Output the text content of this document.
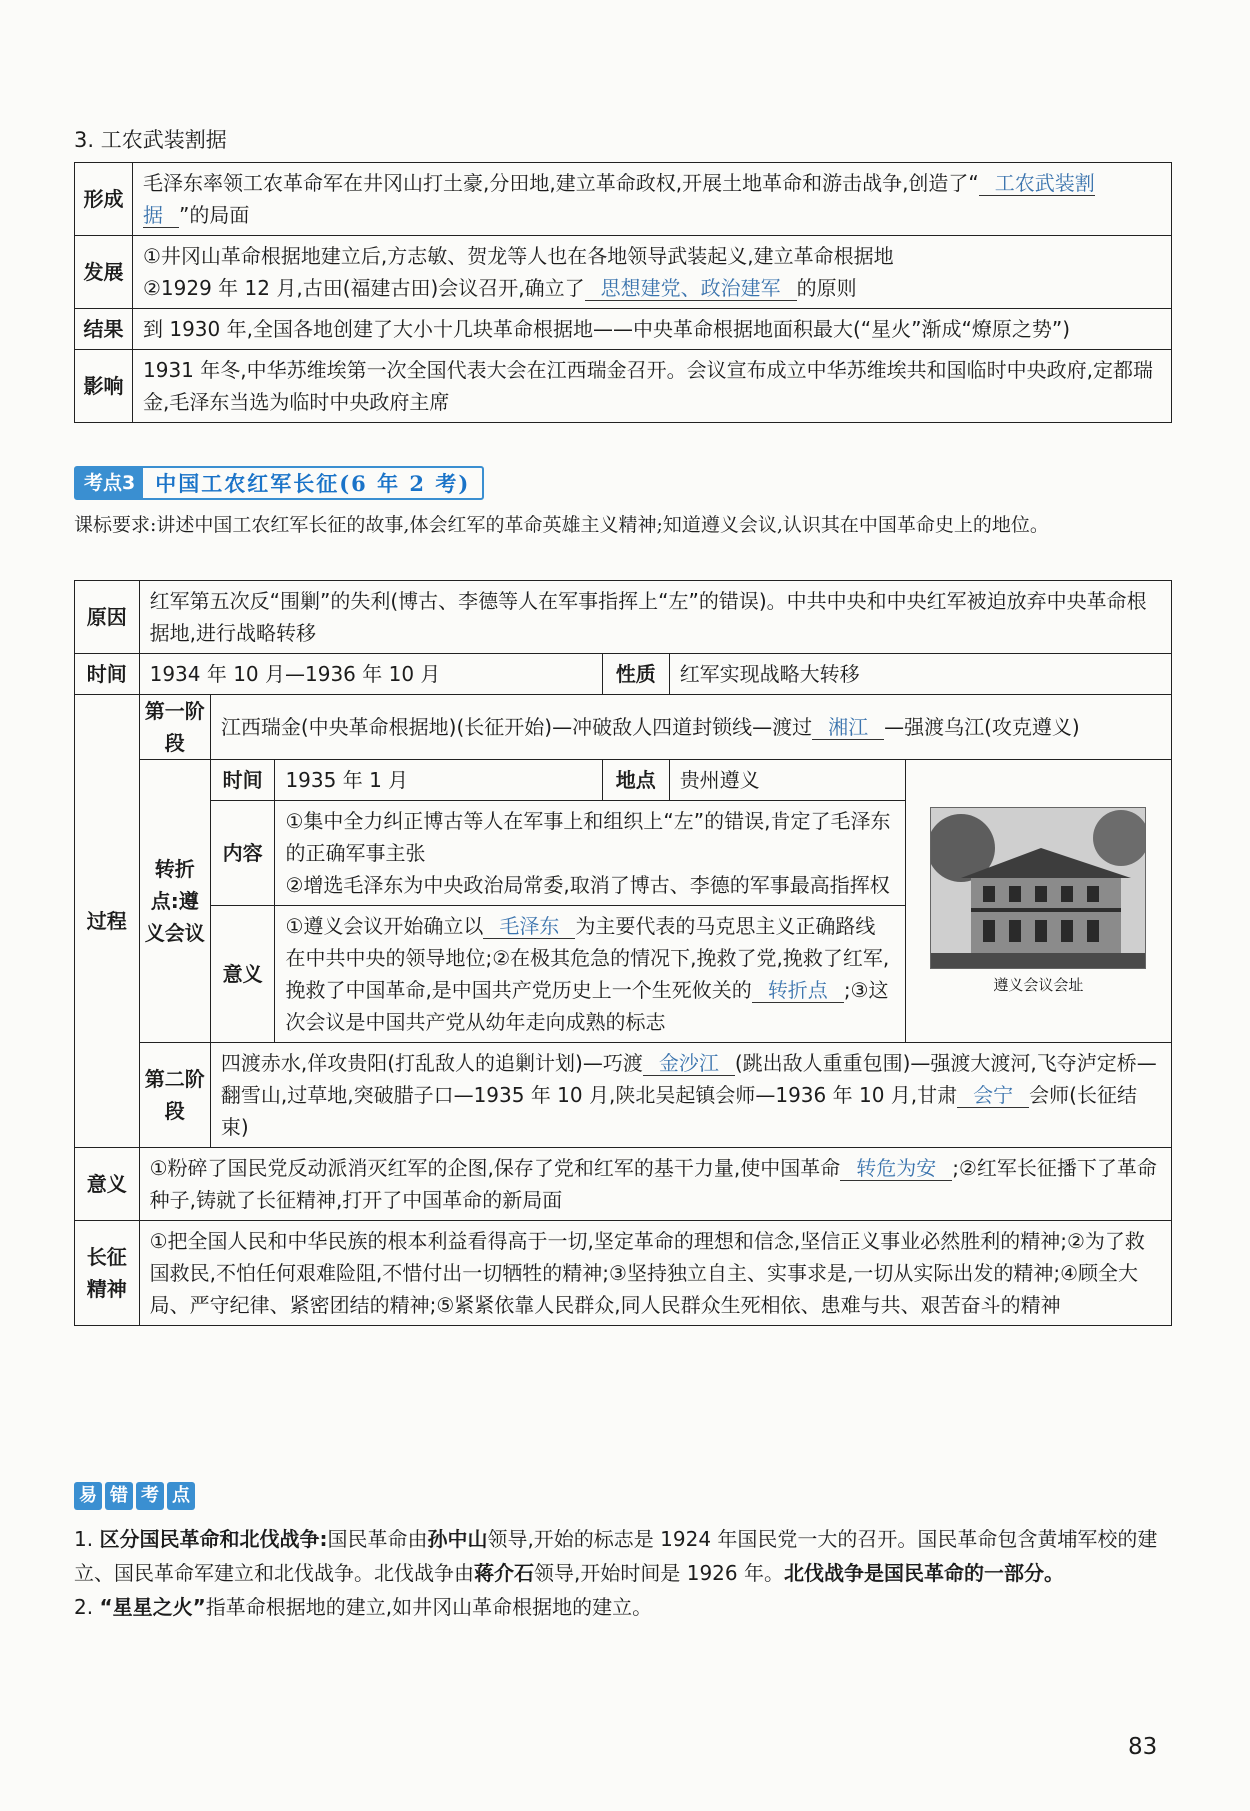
3. 工农武装割据
形成	毛泽东率领工农革命军在井冈山打土豪,分田地,建立革命政权,开展土地革命和游击战争,创造了“ 工农武装割据 ”的局面
发展	①井冈山革命根据地建立后,方志敏、贺龙等人也在各地领导武装起义,建立革命根据地
②1929 年 12 月,古田(福建古田)会议召开,确立了 思想建党、政治建军 的原则

结果	到 1930 年,全国各地创建了大小十几块革命根据地——中央革命根据地面积最大(“星火”渐成“燎原之势”)
影响	1931 年冬,中华苏维埃第一次全国代表大会在江西瑞金召开。会议宣布成立中华苏维埃共和国临时中央政府,定都瑞金,毛泽东当选为临时中央政府主席
考点3 中国工农红军长征(6 年 2 考)
课标要求:讲述中国工农红军长征的故事,体会红军的革命英雄主义精神;知道遵义会议,认识其在中国革命史上的地位。
原因	红军第五次反“围剿”的失利(博古、李德等人在军事指挥上“左”的错误)。中共中央和中央红军被迫放弃中央革命根据地,进行战略转移					
时间	1934 年 10 月—1936 年 10 月			性质	红军实现战略大转移	
过程	第一阶段	江西瑞金(中央革命根据地)(长征开始)—冲破敌人四道封锁线—渡过 湘江 —强渡乌江(攻克遵义)				
	转折点:遵义会议	时间	1935 年 1 月	地点	贵州遵义	遵义会议会址

		内容	①集中全力纠正博古等人在军事上和组织上“左”的错误,肯定了毛泽东的正确军事主张
②增选毛泽东为中央政治局常委,取消了博古、李德的军事最高指挥权			

		意义	①遵义会议开始确立以 毛泽东 为主要代表的马克思主义正确路线在中共中央的领导地位;②在极其危急的情况下,挽救了党,挽救了红军,挽救了中国革命,是中国共产党历史上一个生死攸关的 转折点 ;③这次会议是中国共产党从幼年走向成熟的标志			
	第二阶段	四渡赤水,佯攻贵阳(打乱敌人的追剿计划)—巧渡 金沙江 (跳出敌人重重包围)—强渡大渡河,飞夺泸定桥—翻雪山,过草地,突破腊子口—1935 年 10 月,陕北吴起镇会师—1936 年 10 月,甘肃 会宁 会师(长征结束)				
意义	①粉碎了国民党反动派消灭红军的企图,保存了党和红军的基干力量,使中国革命 转危为安 ;②红军长征播下了革命种子,铸就了长征精神,打开了中国革命的新局面					
长征精神	①把全国人民和中华民族的根本利益看得高于一切,坚定革命的理想和信念,坚信正义事业必然胜利的精神;②为了救国救民,不怕任何艰难险阻,不惜付出一切牺牲的精神;③坚持独立自主、实事求是,一切从实际出发的精神;④顾全大局、严守纪律、紧密团结的精神;⑤紧紧依靠人民群众,同人民群众生死相依、患难与共、艰苦奋斗的精神					
易 错 考 点

1. 区分国民革命和北伐战争:国民革命由孙中山领导,开始的标志是 1924 年国民党一大的召开。国民革命包含黄埔军校的建立、国民革命军建立和北伐战争。北伐战争由蒋介石领导,开始时间是 1926 年。北伐战争是国民革命的一部分。

2. “星星之火”指革命根据地的建立,如井冈山革命根据地的建立。

83
